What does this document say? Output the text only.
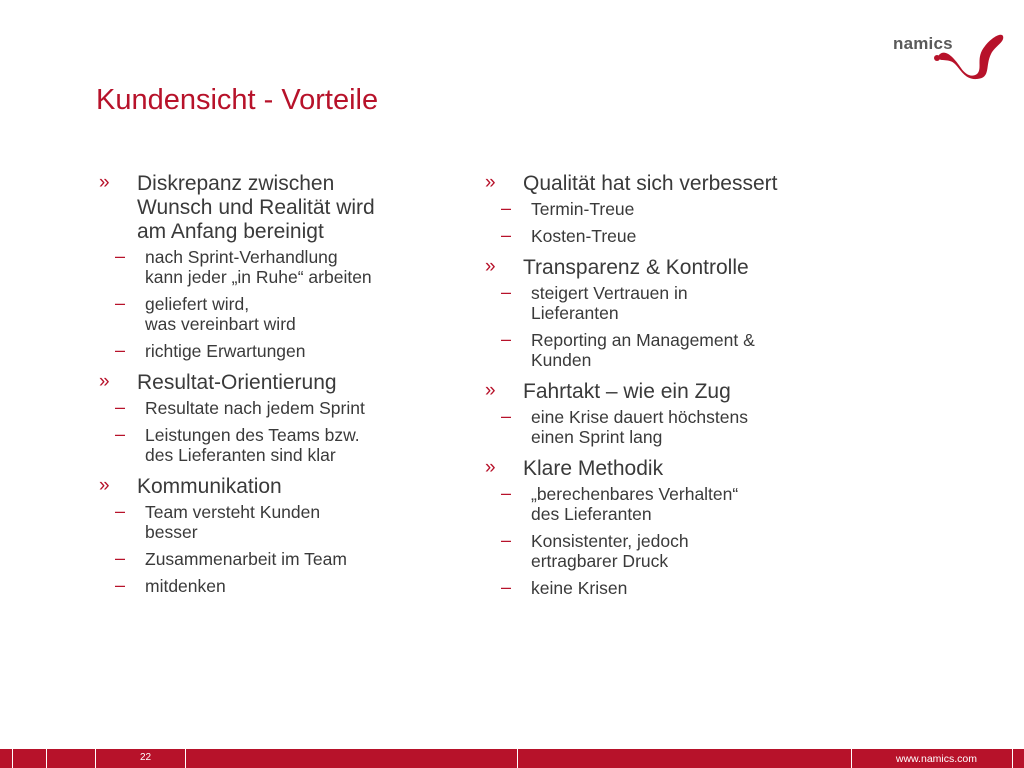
namics
Kundensicht - Vorteile
» Diskrepanz zwischen
Wunsch und Realität wird
am Anfang bereinigt
– nach Sprint-Verhandlung
kann jeder „in Ruhe“ arbeiten
– geliefert wird,
was vereinbart wird
– richtige Erwartungen
» Resultat-Orientierung
– Resultate nach jedem Sprint
– Leistungen des Teams bzw.
des Lieferanten sind klar
» Kommunikation
– Team versteht Kunden
besser
– Zusammenarbeit im Team
– mitdenken
» Qualität hat sich verbessert
– Termin-Treue
– Kosten-Treue
» Transparenz & Kontrolle
– steigert Vertrauen in
Lieferanten
– Reporting an Management &
Kunden
» Fahrtakt – wie ein Zug
– eine Krise dauert höchstens
einen Sprint lang
» Klare Methodik
– „berechenbares Verhalten“
des Lieferanten
– Konsistenter, jedoch
ertragbarer Druck
– keine Krisen
22	www.namics.com
